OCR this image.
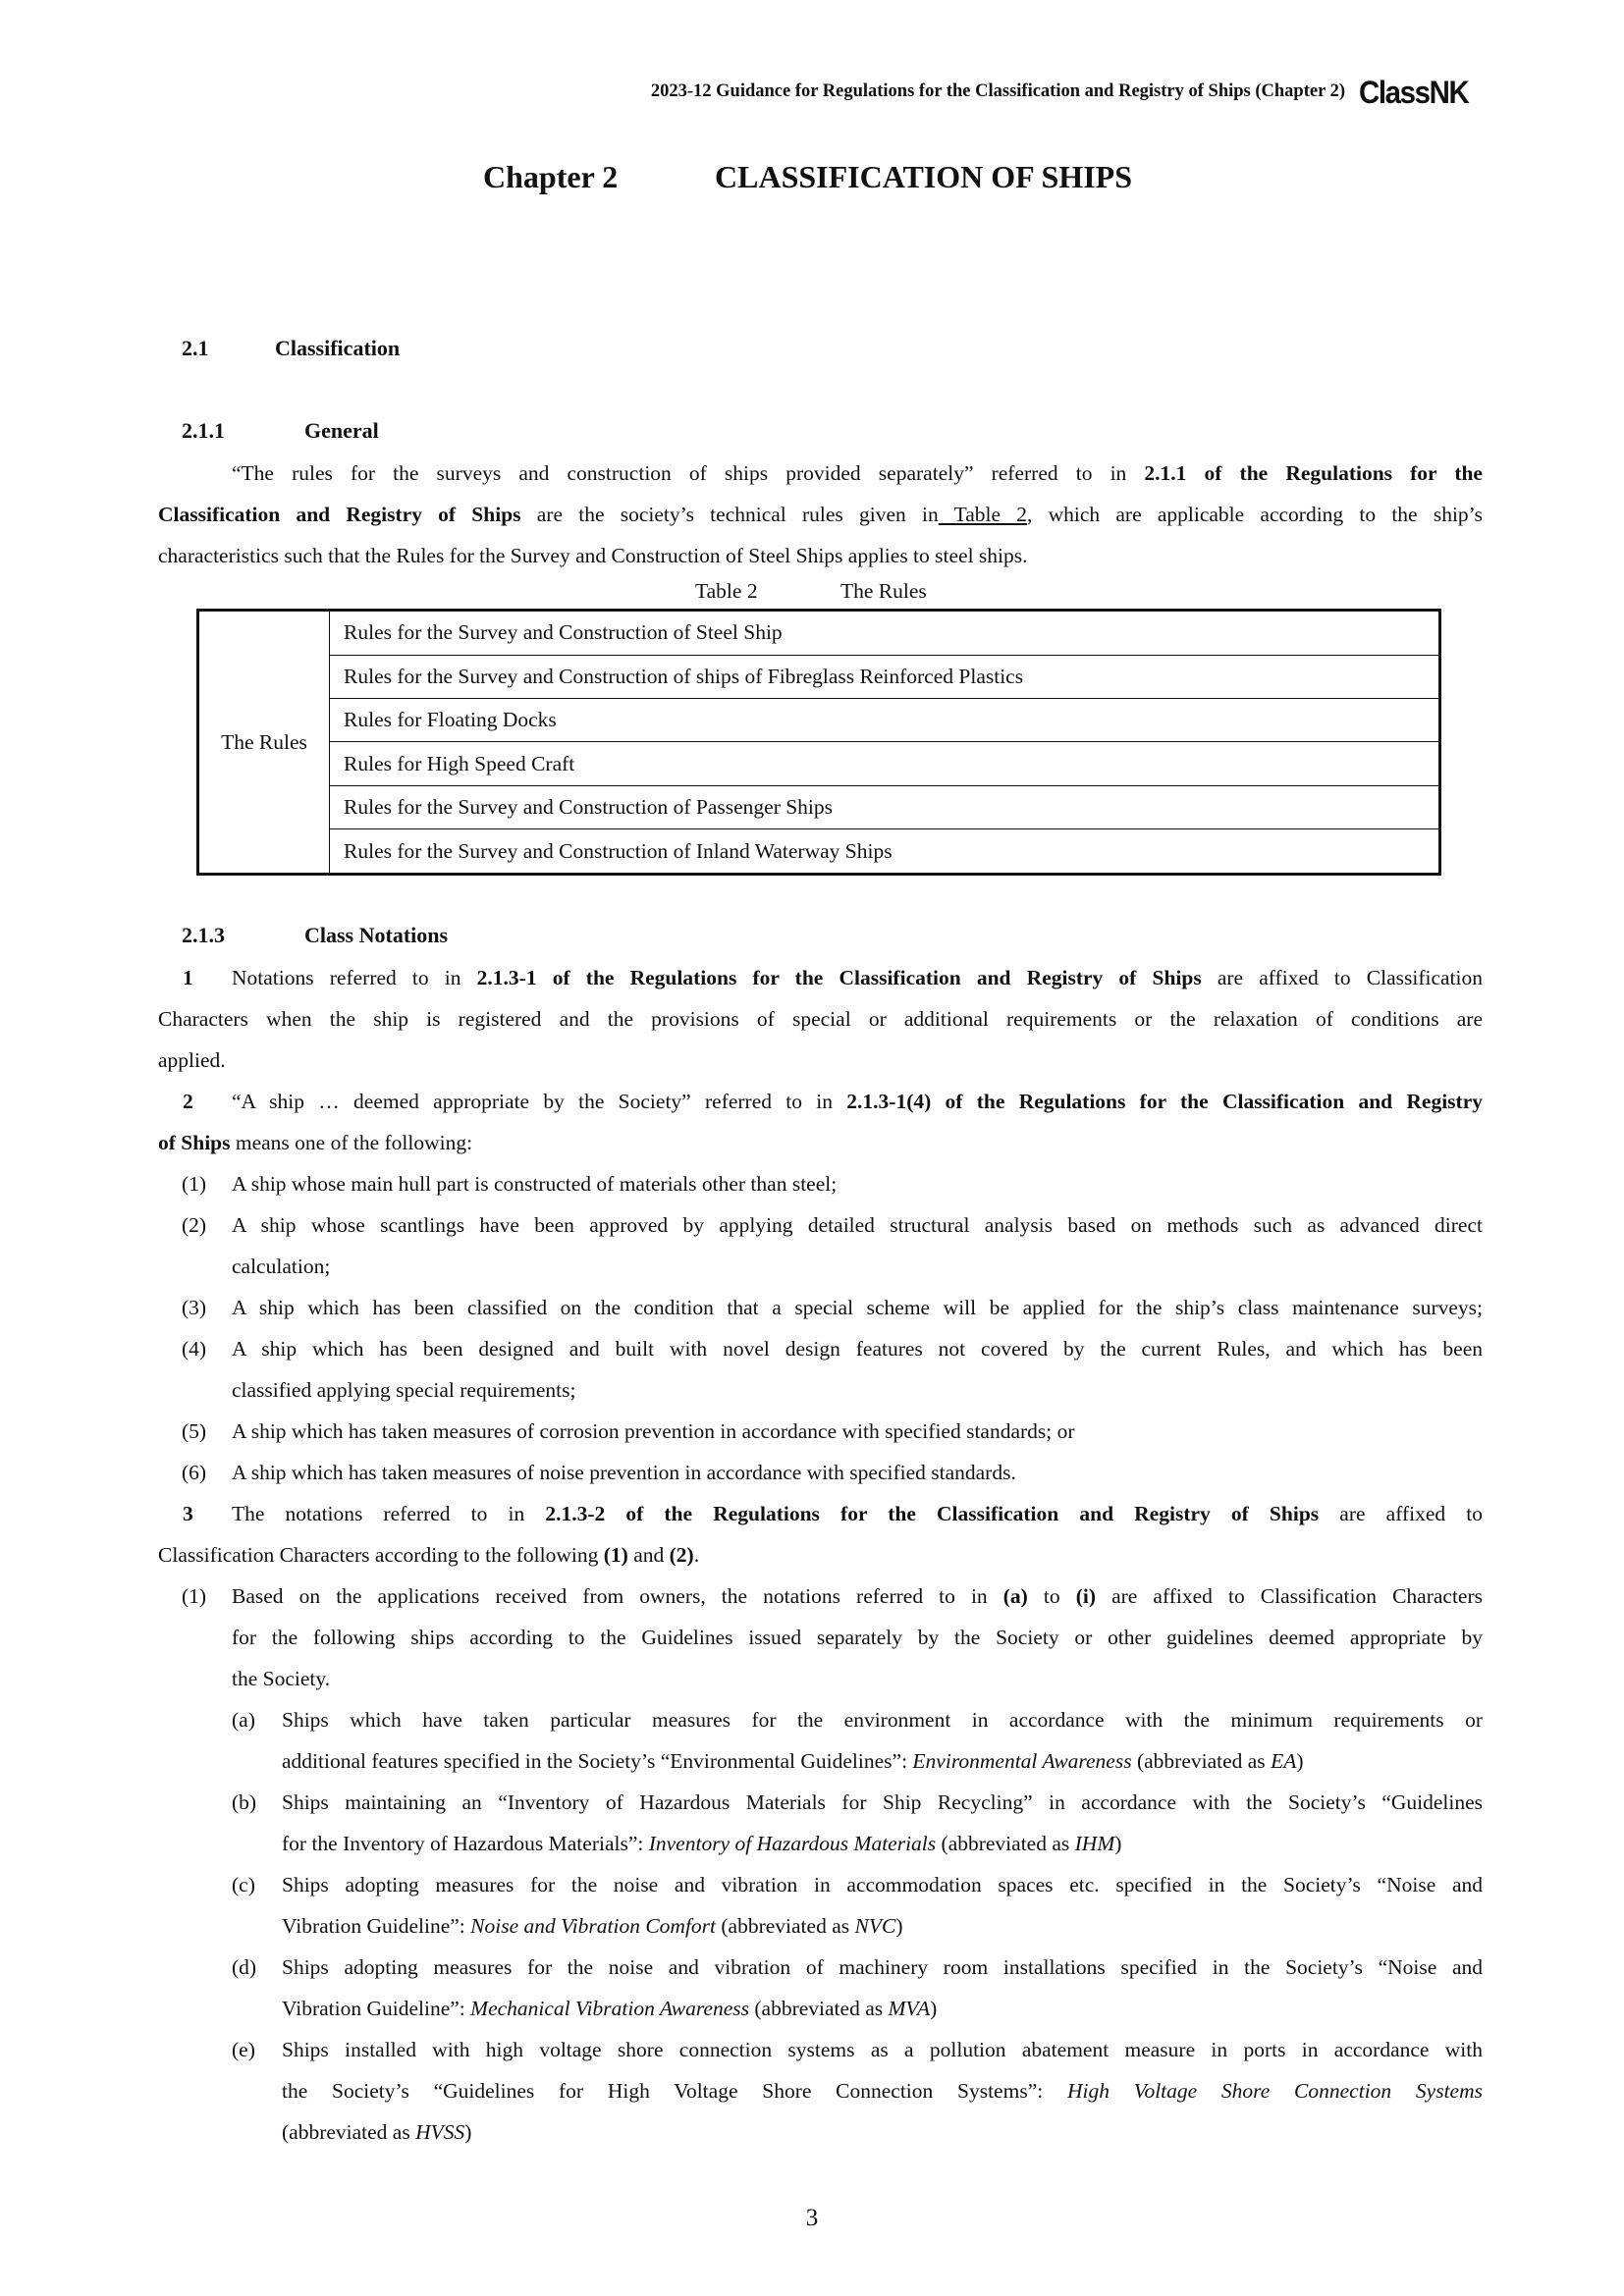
2023-12 Guidance for Regulations for the Classification and Registry of Ships (Chapter 2) ClassNK
Chapter 2	CLASSIFICATION OF SHIPS
2.1	Classification
2.1.1	General
“The rules for the surveys and construction of ships provided separately” referred to in 2.1.1 of the Regulations for the
Classification and Registry of Ships are the society’s technical rules given in Table 2, which are applicable according to the ship’s
characteristics such that the Rules for the Survey and Construction of Steel Ships applies to steel ships.
Table 2	The Rules
The Rules	Rules for the Survey and Construction of Steel Ship
Rules for the Survey and Construction of ships of Fibreglass Reinforced Plastics
Rules for Floating Docks
Rules for High Speed Craft
Rules for the Survey and Construction of Passenger Ships
Rules for the Survey and Construction of Inland Waterway Ships
2.1.3	Class Notations
1 Notations referred to in 2.1.3-1 of the Regulations for the Classification and Registry of Ships are affixed to Classification
Characters when the ship is registered and the provisions of special or additional requirements or the relaxation of conditions are
applied.
2 “A ship … deemed appropriate by the Society” referred to in 2.1.3-1(4) of the Regulations for the Classification and Registry
of Ships means one of the following:
(1) A ship whose main hull part is constructed of materials other than steel;
(2) A ship whose scantlings have been approved by applying detailed structural analysis based on methods such as advanced direct
calculation;
(3) A ship which has been classified on the condition that a special scheme will be applied for the ship’s class maintenance surveys;
(4) A ship which has been designed and built with novel design features not covered by the current Rules, and which has been
classified applying special requirements;
(5) A ship which has taken measures of corrosion prevention in accordance with specified standards; or
(6) A ship which has taken measures of noise prevention in accordance with specified standards.
3 The notations referred to in 2.1.3-2 of the Regulations for the Classification and Registry of Ships are affixed to
Classification Characters according to the following (1) and (2).
(1) Based on the applications received from owners, the notations referred to in (a) to (i) are affixed to Classification Characters
for the following ships according to the Guidelines issued separately by the Society or other guidelines deemed appropriate by
the Society.
(a) Ships which have taken particular measures for the environment in accordance with the minimum requirements or
additional features specified in the Society’s “Environmental Guidelines”: Environmental Awareness (abbreviated as EA)
(b) Ships maintaining an “Inventory of Hazardous Materials for Ship Recycling” in accordance with the Society’s “Guidelines
for the Inventory of Hazardous Materials”: Inventory of Hazardous Materials (abbreviated as IHM)
(c) Ships adopting measures for the noise and vibration in accommodation spaces etc. specified in the Society’s “Noise and
Vibration Guideline”: Noise and Vibration Comfort (abbreviated as NVC)
(d) Ships adopting measures for the noise and vibration of machinery room installations specified in the Society’s “Noise and
Vibration Guideline”: Mechanical Vibration Awareness (abbreviated as MVA)
(e) Ships installed with high voltage shore connection systems as a pollution abatement measure in ports in accordance with
the Society’s “Guidelines for High Voltage Shore Connection Systems”: High Voltage Shore Connection Systems
(abbreviated as HVSS)
3
